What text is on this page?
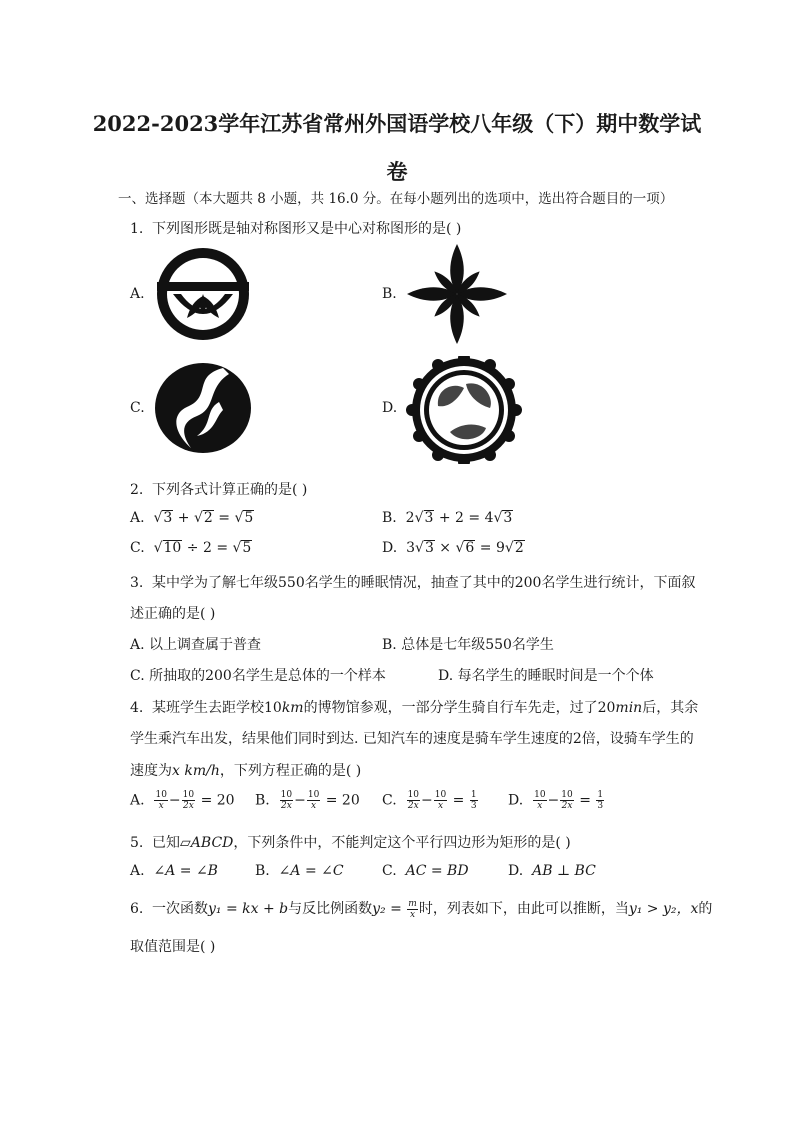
2022-2023学年江苏省常州外国语学校八年级（下）期中数学试
卷
一、选择题（本大题共 8 小题，共 16.0 分。在每小题列出的选项中，选出符合题目的一项）
1. 下列图形既是轴对称图形又是中心对称图形的是( )
A.	B.
C.	D.
2. 下列各式计算正确的是( )
A.  √3 + √2 = √5	B. 2√3 + 2 = 4√3
C.  √10 ÷ 2 = √5	D. 3√3 × √6 = 9√2
3. 某中学为了解七年级550名学生的睡眠情况，抽查了其中的200名学生进行统计，下面叙
述正确的是( )
A. 以上调查属于普查	B. 总体是七年级550名学生
C. 所抽取的200名学生是总体的一个样本	D. 每名学生的睡眠时间是一个个体
4. 某班学生去距学校10km的博物馆参观，一部分学生骑自行车先走，过了20min后，其余
学生乘汽车出发，结果他们同时到达. 已知汽车的速度是骑车学生速度的2倍，设骑车学生的
速度为x km/h，下列方程正确的是( )
A. $\frac{10}{x} - \frac{10}{2x} = 20$ B. $\frac{10}{2x} - \frac{10}{x} = 20$ C. $\frac{10}{2x} - \frac{10}{x} = \frac{1}{3} D$. $\frac{10}{x} - \frac{10}{2x} = \frac{1}{3}$
5. 已知▱ABCD，下列条件中，不能判定这个平行四边形为矩形的是( )
A. ∠A = ∠B	B. ∠A = ∠C	C. AC = BD	D. AB ⊥ BC
6. 一次函数y₁ = kx + b与反比例函数$y_2 = \frac{m}{x}$ 时，列表如下，由此可以推断，当y₁ > y₂，x的
取值范围是( )
